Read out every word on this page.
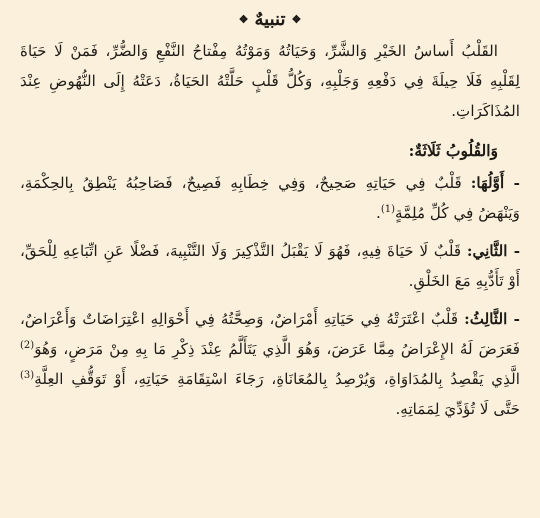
❖تنبيهٌ❖

القَلْبُ أَساسُ الخَيْرِ وَالشَّرِّ، وَحَيَاتُهُ وَمَوْتُهُ مِفْتاحُ النَّفْعِ وَالضُّرِّ، فَمَنْ لَا حَيَاةَ لِقَلْبِهِ فَلَا حِيلَةَ فِي دَفْعِهِ وَجَلْبِهِ، وَكُلُّ قَلْبٍ حَلَّتْهُ الحَيَاةُ، دَعَتْهُ إِلَى النُّهُوضِ عِنْدَ المُذَاكَرَاتِ.

وَالقُلُوبُ ثَلَاثَةٌ:

- أَوَّلُهَا: قَلْبٌ فِي حَيَاتِهِ صَحِيحٌ، وَفِي خِطَابِهِ فَصِيحٌ، فَصَاحِبُهُ يَنْطِقُ بِالحِكْمَةِ، وَيَنْهَضُ فِي كُلِّ مُلِمَّةٍ$^{(1)}$.

- الثَّانِي: قَلْبٌ لَا حَيَاةَ فِيهِ، فَهُوَ لَا يَقْبَلُ التَّذْكِيرَ وَلَا التَّنْبِيهَ، فَضْلًا عَنِ اتِّبَاعِهِ لِلْحَقِّ، أَوْ تَأَدُّبِهِ مَعَ الخَلْقِ.

- الثَّالِثُ: قَلْبٌ اعْتَرَتْهُ فِي حَيَاتِهِ أَمْرَاضٌ، وَصِحَّتُهُ فِي أَحْوَالِهِ اعْتِرَاضَاتٌ وَأَعْرَاضٌ، فَعَرَضَ لَهُ الإِعْرَاضُ مِمَّا عَرَضَ، وَهُوَ الَّذِي يَتَأَلَّمُ عِنْدَ ذِكْرِ مَا بِهِ مِنْ مَرَضٍ، وَهُوَ$^{(2)}$ الَّذِي يَقْصِدُ بِالمُدَاوَاةِ، وَيُرْصِدُ بِالمُعَانَاةِ، رَجَاءَ اسْتِقَامَةِ حَيَاتِهِ، أَوْ تَوَقُّفِ العِلَّةِ$^{(3)}$ حَتَّى لَا تُؤَدِّيَ لِمَمَاتِهِ.
